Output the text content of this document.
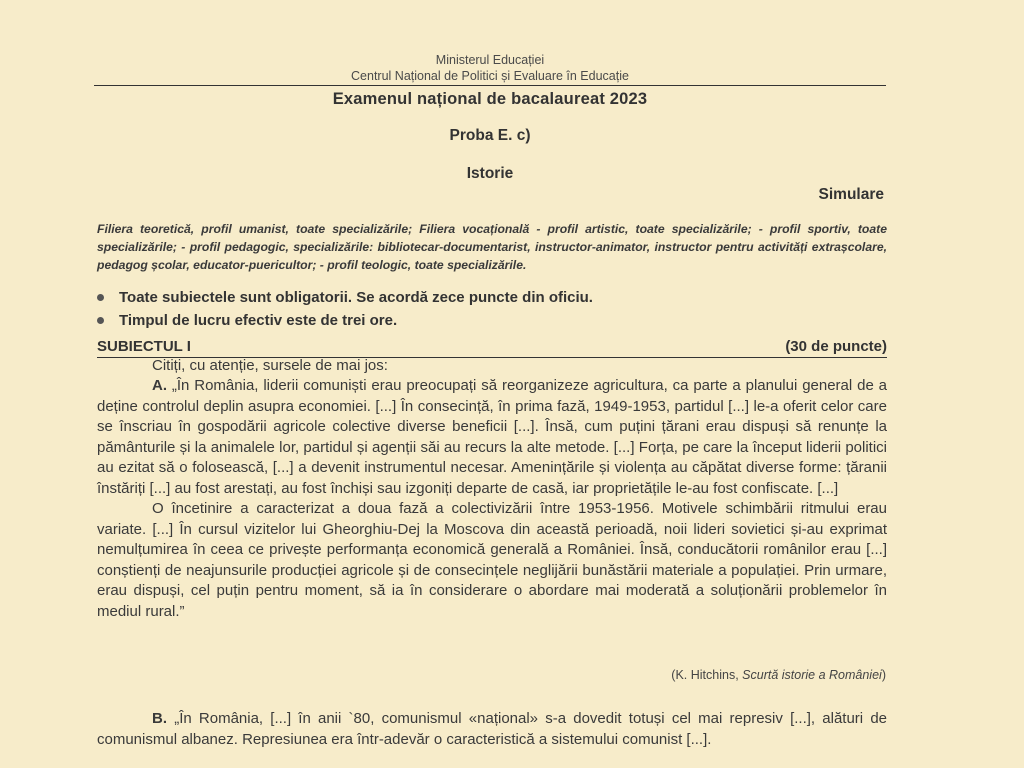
Ministerul Educației
Centrul Național de Politici și Evaluare în Educație
Examenul național de bacalaureat 2023
Proba E. c)
Istorie
Simulare
Filiera teoretică, profil umanist, toate specializările; Filiera vocațională - profil artistic, toate specializările; - profil sportiv, toate specializările; - profil pedagogic, specializările: bibliotecar-documentarist, instructor-animator, instructor pentru activități extrașcolare, pedagog școlar, educator-puericultor; - profil teologic, toate specializările.
Toate subiectele sunt obligatorii. Se acordă zece puncte din oficiu.
Timpul de lucru efectiv este de trei ore.
SUBIECTUL I	(30 de puncte)
Citiți, cu atenție, sursele de mai jos:

A. „În România, liderii comuniști erau preocupați să reorganizeze agricultura, ca parte a planului general de a deține controlul deplin asupra economiei. [...] În consecință, în prima fază, 1949-1953, partidul [...] le-a oferit celor care se înscriau în gospodării agricole colective diverse beneficii [...]. Însă, cum puțini țărani erau dispuși să renunțe la pământurile și la animalele lor, partidul și agenții săi au recurs la alte metode. [...] Forța, pe care la început liderii politici au ezitat să o folosească, [...] a devenit instrumentul necesar. Amenințările și violența au căpătat diverse forme: țăranii înstăriți [...] au fost arestați, au fost închiși sau izgoniți departe de casă, iar proprietățile le-au fost confiscate. [...]

O încetinire a caracterizat a doua fază a colectivizării între 1953-1956. Motivele schimbării ritmului erau variate. [...] În cursul vizitelor lui Gheorghiu-Dej la Moscova din această perioadă, noii lideri sovietici și-au exprimat nemulțumirea în ceea ce privește performanța economică generală a României. Însă, conducătorii românilor erau [...] conștienți de neajunsurile producției agricole și de consecințele neglijării bunăstării materiale a populației. Prin urmare, erau dispuși, cel puțin pentru moment, să ia în considerare o abordare mai moderată a soluționării problemelor în mediul rural.”

(K. Hitchins, Scurtă istorie a României)

B. „În România, [...] în anii `80, comunismul «național» s-a dovedit totuși cel mai represiv [...], alături de comunismul albanez. Represiunea era într-adevăr o caracteristică a sistemului comunist [...].
